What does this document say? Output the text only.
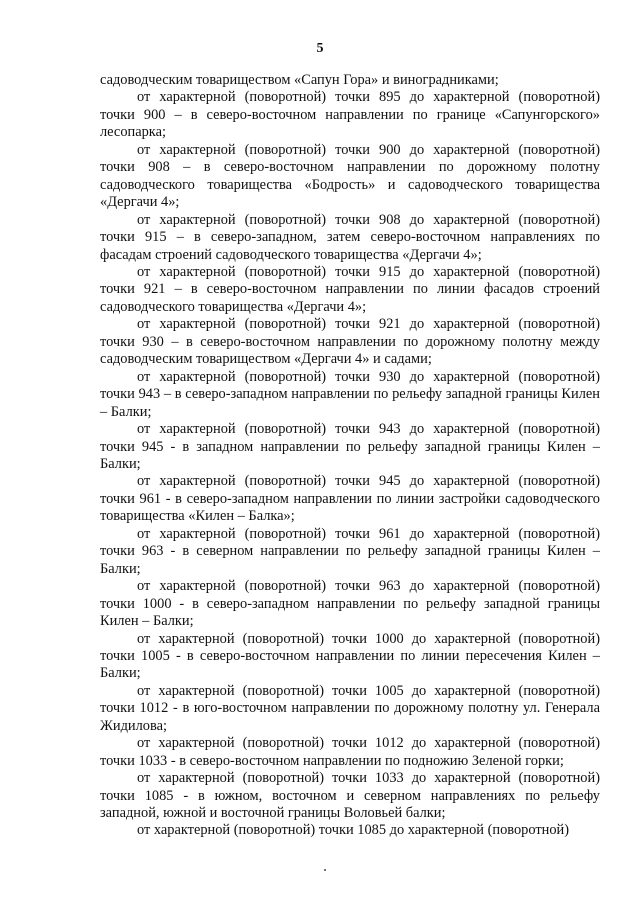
5

садоводческим товариществом «Сапун Гора» и виноградниками;

от характерной (поворотной) точки 895 до характерной (поворотной) точки 900 – в северо-восточном направлении по границе «Сапунгорского» лесопарка;

от характерной (поворотной) точки 900 до характерной (поворотной) точки 908 – в северо-восточном направлении по дорожному полотну садоводческого товарищества «Бодрость» и садоводческого товарищества «Дергачи 4»;

от характерной (поворотной) точки 908 до характерной (поворотной) точки 915 – в северо-западном, затем северо-восточном направлениях по фасадам строений садоводческого товарищества «Дергачи 4»;

от характерной (поворотной) точки 915 до характерной (поворотной) точки 921 – в северо-восточном направлении по линии фасадов строений садоводческого товарищества «Дергачи 4»;

от характерной (поворотной) точки 921 до характерной (поворотной) точки 930 – в северо-восточном направлении по дорожному полотну между садоводческим товариществом «Дергачи 4» и садами;

от характерной (поворотной) точки 930 до характерной (поворотной) точки 943 – в северо-западном направлении по рельефу западной границы Килен – Балки;

от характерной (поворотной) точки 943 до характерной (поворотной) точки 945 - в западном направлении по рельефу западной границы Килен – Балки;

от характерной (поворотной) точки 945 до характерной (поворотной) точки 961 - в северо-западном направлении по линии застройки садоводческого товарищества «Килен – Балка»;

от характерной (поворотной) точки 961 до характерной (поворотной) точки 963 - в северном направлении по рельефу западной границы Килен – Балки;

от характерной (поворотной) точки 963 до характерной (поворотной) точки 1000 - в северо-западном направлении по рельефу западной границы Килен – Балки;

от характерной (поворотной) точки 1000 до характерной (поворотной) точки 1005 - в северо-восточном направлении по линии пересечения Килен – Балки;

от характерной (поворотной) точки 1005 до характерной (поворотной) точки 1012 - в юго-восточном направлении по дорожному полотну ул. Генерала Жидилова;

от характерной (поворотной) точки 1012 до характерной (поворотной) точки 1033 - в северо-восточном направлении по подножию Зеленой горки;

от характерной (поворотной) точки 1033 до характерной (поворотной) точки 1085 - в южном, восточном и северном направлениях по рельефу западной, южной и восточной границы Воловьей балки;

от характерной (поворотной) точки 1085 до характерной (поворотной)
